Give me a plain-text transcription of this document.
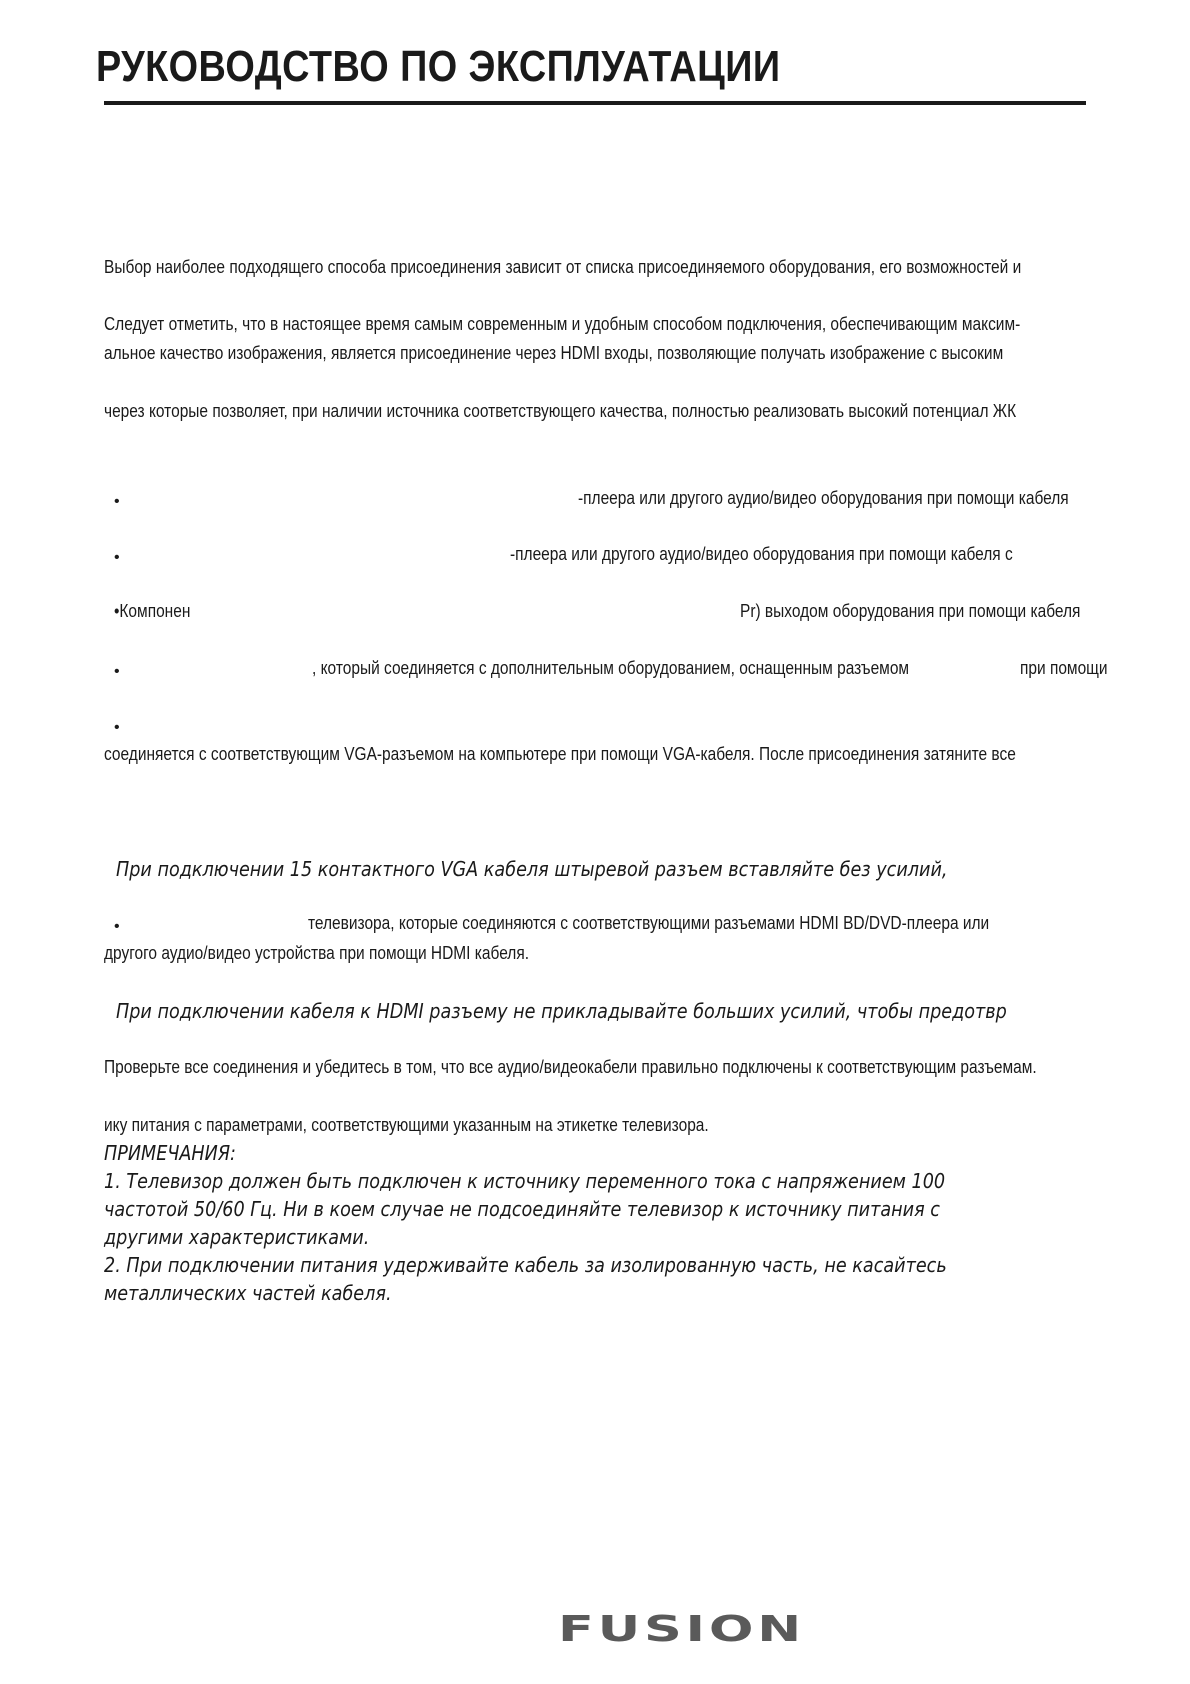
РУКОВОДСТВО ПО ЭКСПЛУАТАЦИИ
Выбор наиболее подходящего способа присоединения зависит от списка присоединяемого оборудования, его возможностей и
Следует отметить, что в настоящее время самым современным и удобным способом подключения, обеспечивающим максим-
альное качество изображения, является присоединение через HDMI входы, позволяющие получать изображение с высоким
через которые позволяет, при наличии источника соответствующего качества, полностью реализовать высокий потенциал ЖК
•	-плеера или другого аудио/видео оборудования при помощи кабеля
•	-плеера или другого аудио/видео оборудования при помощи кабеля с
•Компонен	Pr) выходом оборудования при помощи кабеля
•	, который соединяется с дополнительным оборудованием, оснащенным разъемом	при помощи
•
соединяется с соответствующим VGA-разъемом на компьютере при помощи VGA-кабеля. После присоединения затяните все
При подключении 15 контактного VGA кабеля штыревой разъем вставляйте без усилий,
•	телевизора, которые соединяются с соответствующими разъемами HDMI BD/DVD-плеера или
другого аудио/видео устройства при помощи HDMI кабеля.
При подключении кабеля к HDMI разъему не прикладывайте больших усилий, чтобы предотвр
Проверьте все соединения и убедитесь в том, что все аудио/видеокабели правильно подключены к соответствующим разъемам.
ику питания с параметрами, соответствующими указанным на этикетке телевизора.
ПРИМЕЧАНИЯ:
1. Телевизор должен быть подключен к источнику переменного тока с напряжением 100
частотой 50/60 Гц. Ни в коем случае не подсоединяйте телевизор к источнику питания с
другими характеристиками.
2. При подключении питания удерживайте кабель за изолированную часть, не касайтесь
металлических частей кабеля.
FUSION
